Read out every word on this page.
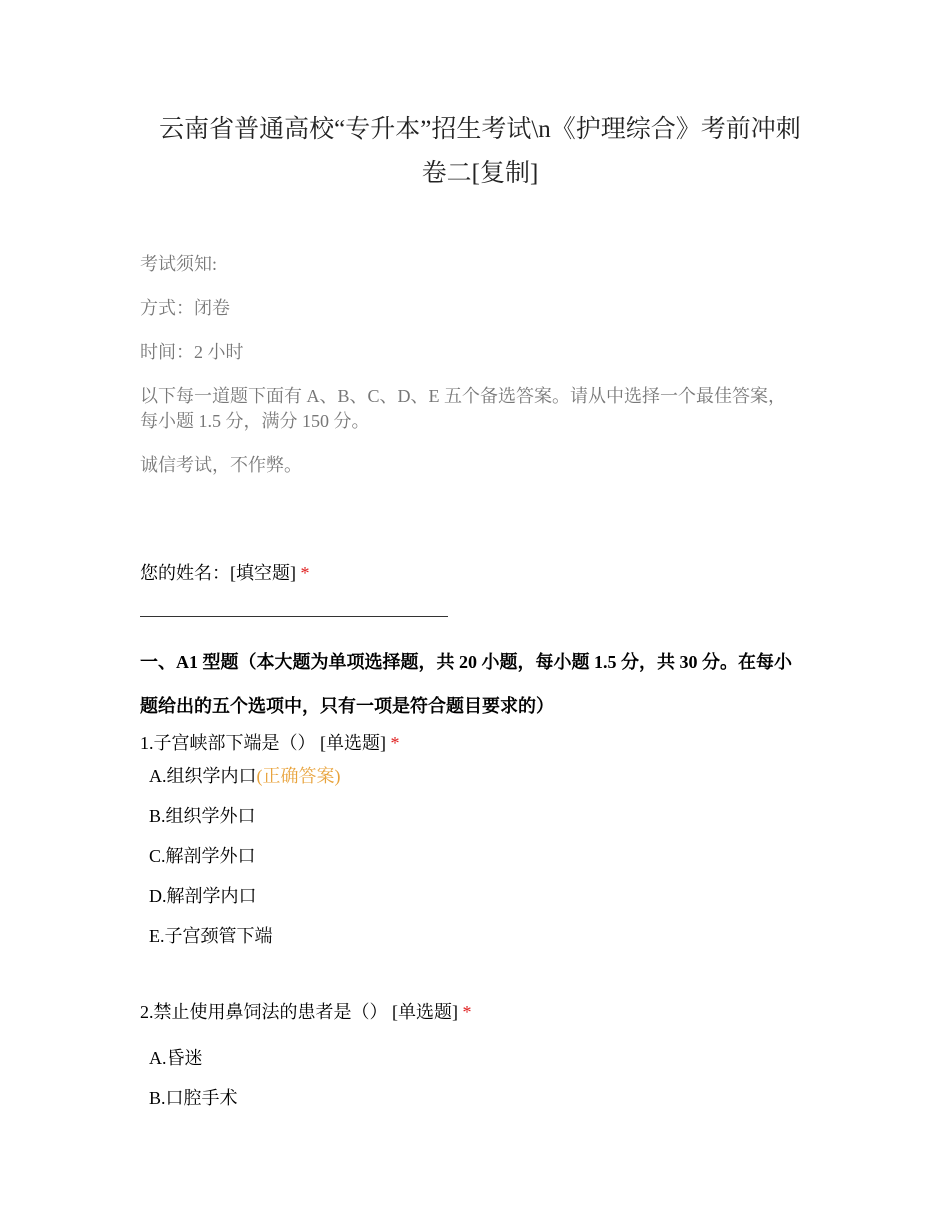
云南省普通高校“专升本”招生考试\n《护理综合》考前冲刺
卷二[复制]
考试须知:
方式：闭卷
时间：2 小时
以下每一道题下面有 A、B、C、D、E 五个备选答案。请从中选择一个最佳答案，
每小题 1.5 分，满分 150 分。
诚信考试，不作弊。
您的姓名：[填空题] *
一、A1 型题（本大题为单项选择题，共 20 小题，每小题 1.5 分，共 30 分。在每小
题给出的五个选项中，只有一项是符合题目要求的）
1.子宫峡部下端是（） [单选题] *
A.组织学内口(正确答案)
B.组织学外口
C.解剖学外口
D.解剖学内口
E.子宫颈管下端
2.禁止使用鼻饲法的患者是（） [单选题] *
A.昏迷
B.口腔手术
